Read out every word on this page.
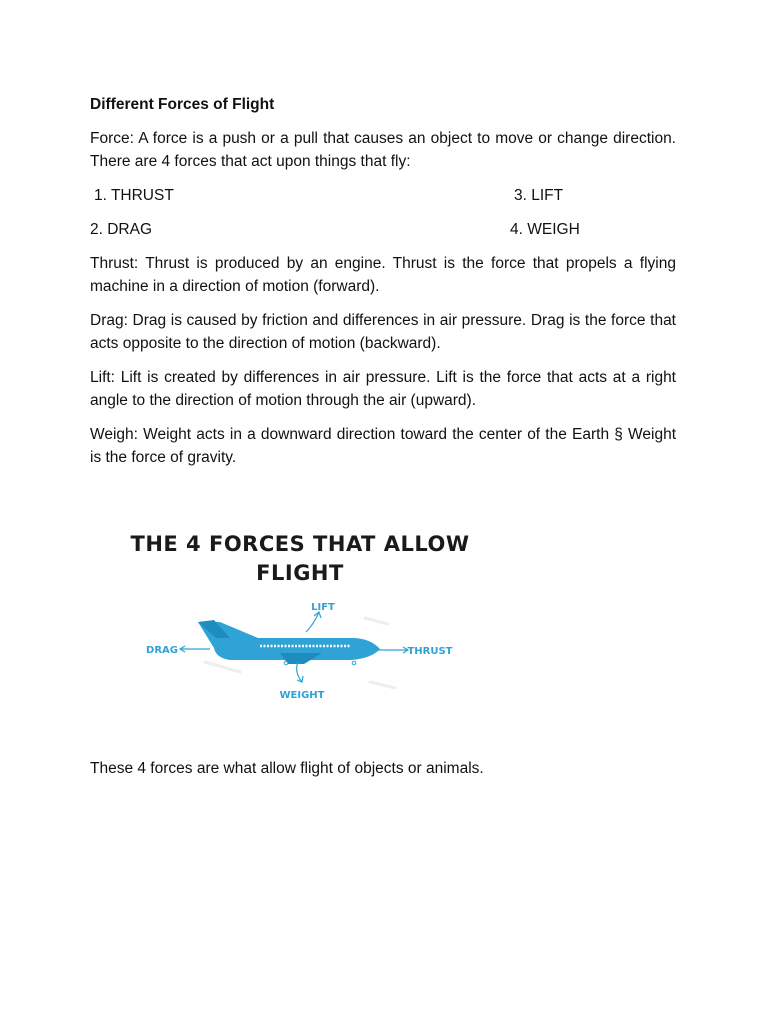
Different Forces of Flight

Force: A force is a push or a pull that causes an object to move or change direction. There are 4 forces that act upon things that fly:

1. THRUST	3. LIFT
2. DRAG	4. WEIGH

Thrust: Thrust is produced by an engine. Thrust is the force that propels a flying machine in a direction of motion (forward).

Drag: Drag is caused by friction and differences in air pressure. Drag is the force that acts opposite to the direction of motion (backward).

Lift: Lift is created by differences in air pressure. Lift is the force that acts at a right angle to the direction of motion through the air (upward).

Weigh: Weight acts in a downward direction toward the center of the Earth § Weight is the force of gravity.

THE 4 FORCES THAT ALLOW
FLIGHT
LIFT
DRAG	THRUST
WEIGHT

These 4 forces are what allow flight of objects or animals.
